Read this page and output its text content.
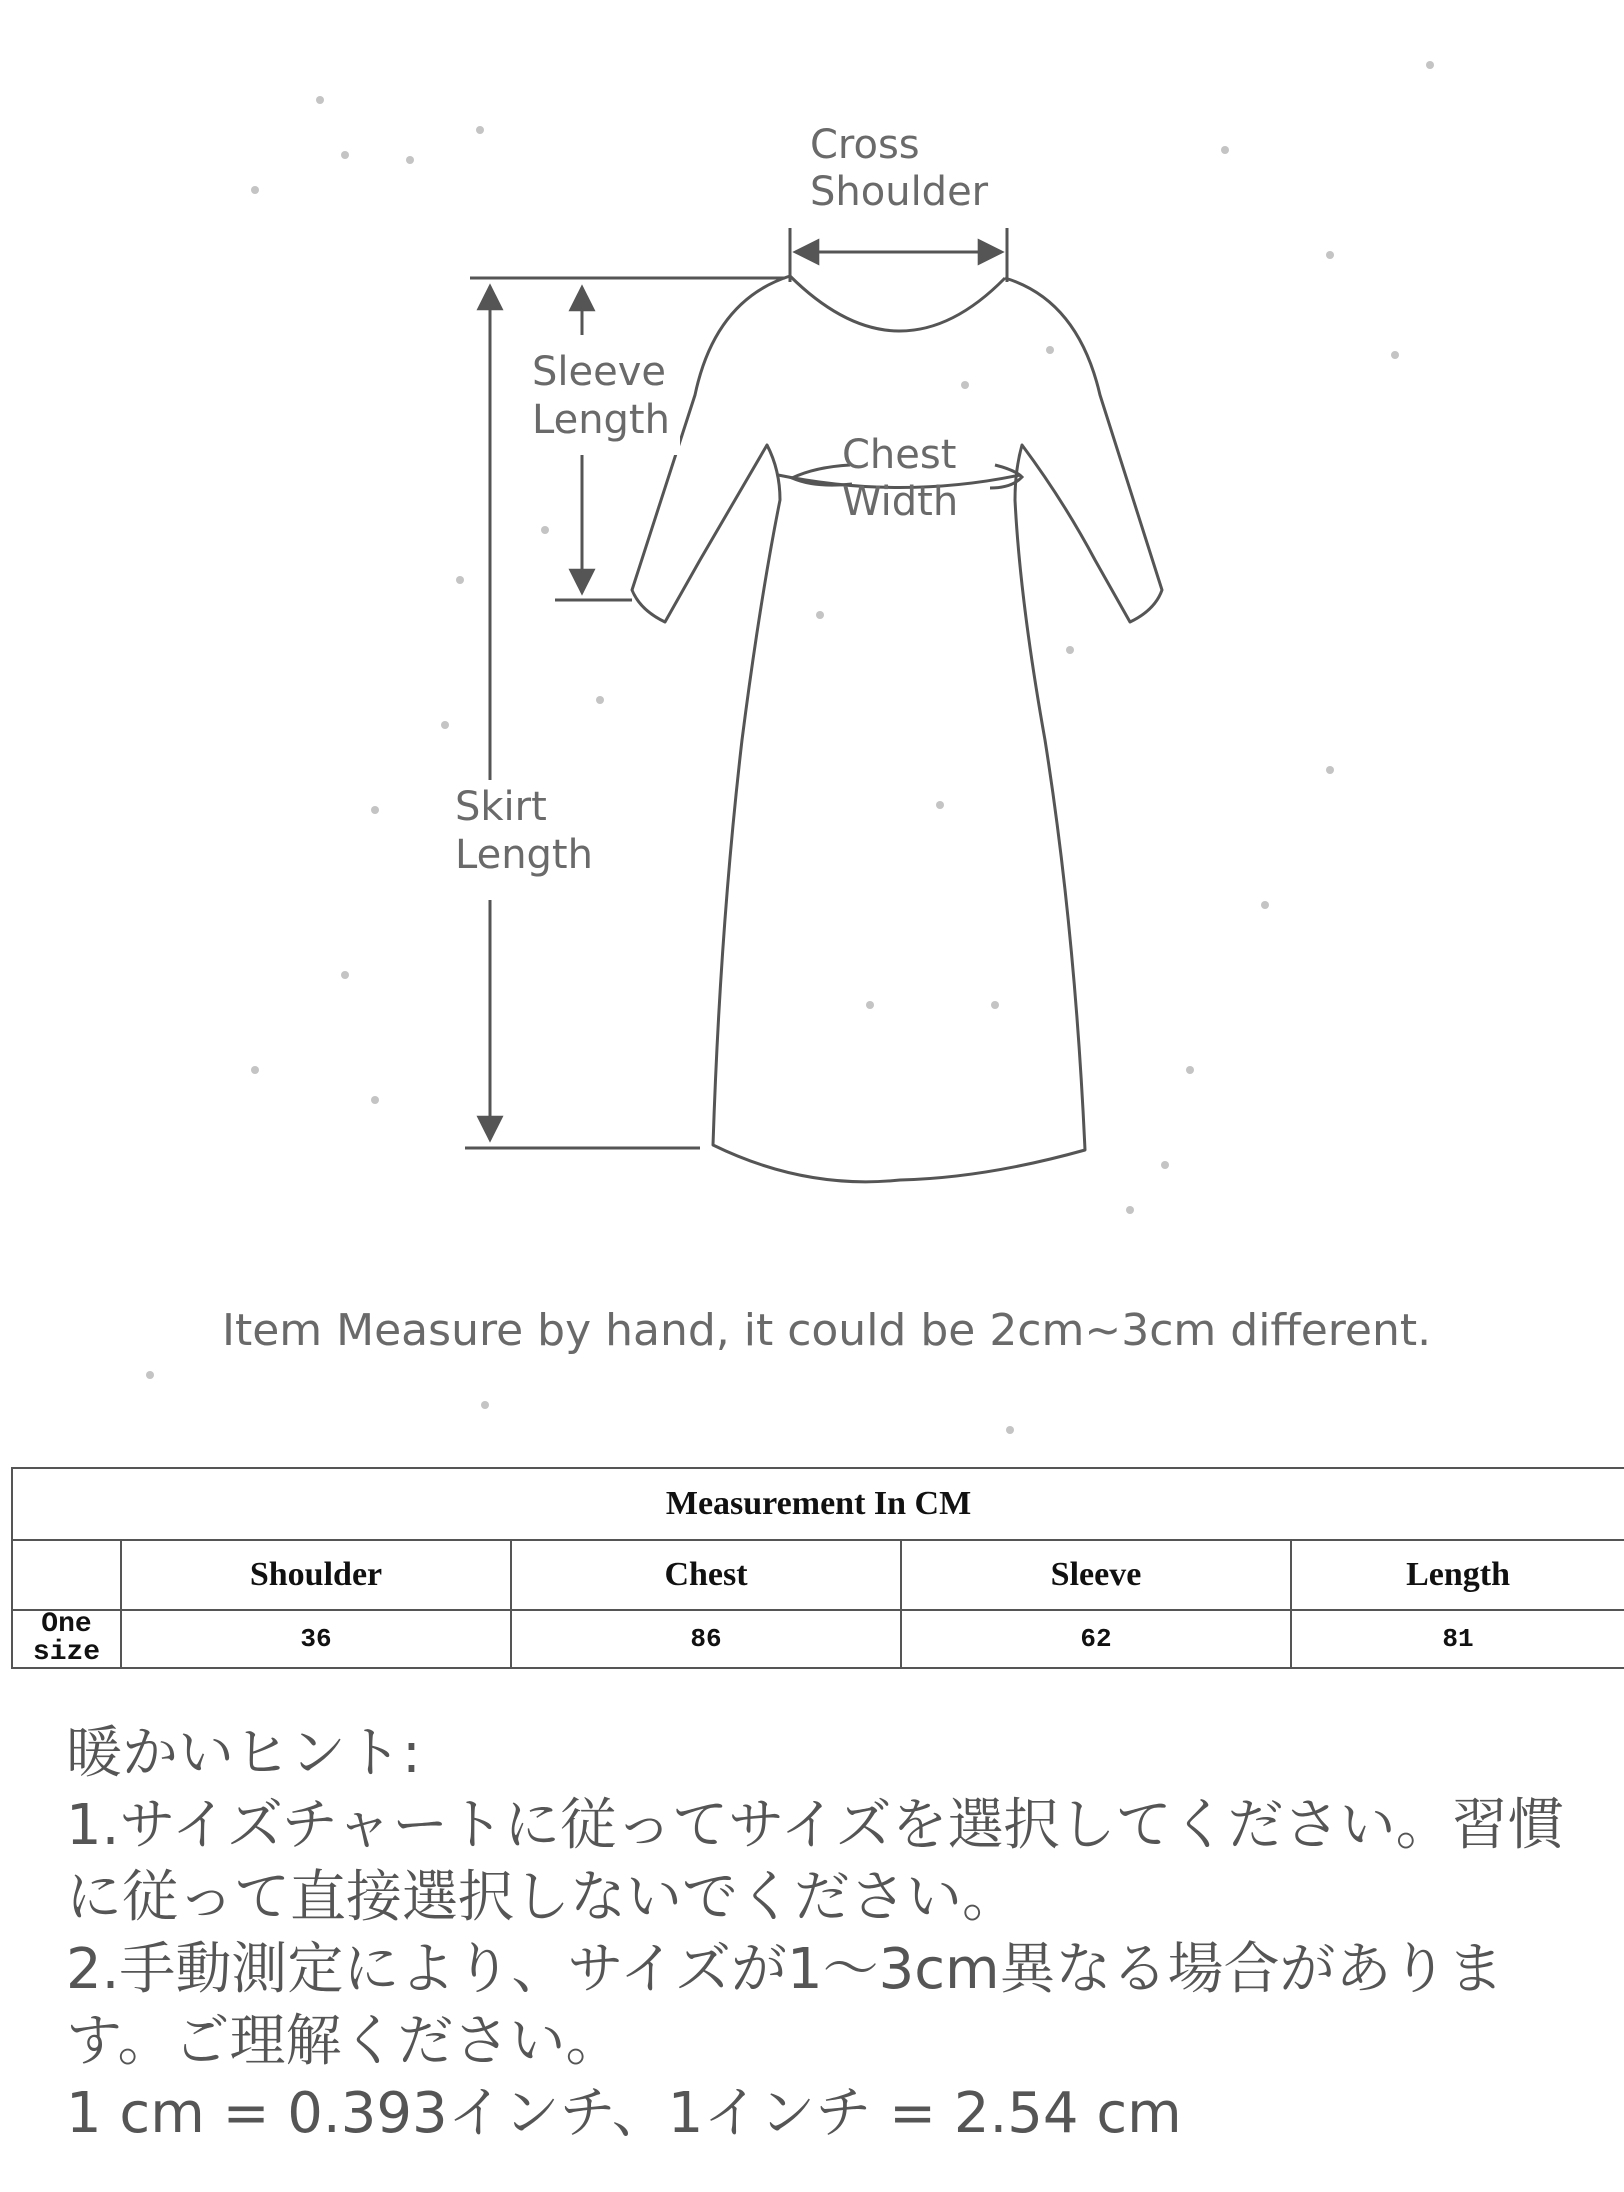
Cross
Shoulder
Sleeve
Length
Chest
Width
Skirt
Length
Item Measure by hand, it could be 2cm~3cm different.
Measurement In CM				
	Shoulder	Chest	Sleeve	Length
One size	36	86	62	81

暖かいヒント:

1.サイズチャートに従ってサイズを選択してください。習慣に従って直接選択しないでください。

2.手動測定により、サイズが1〜3cm異なる場合があります。ご理解ください。

1 cm = 0.393インチ、1インチ = 2.54 cm
